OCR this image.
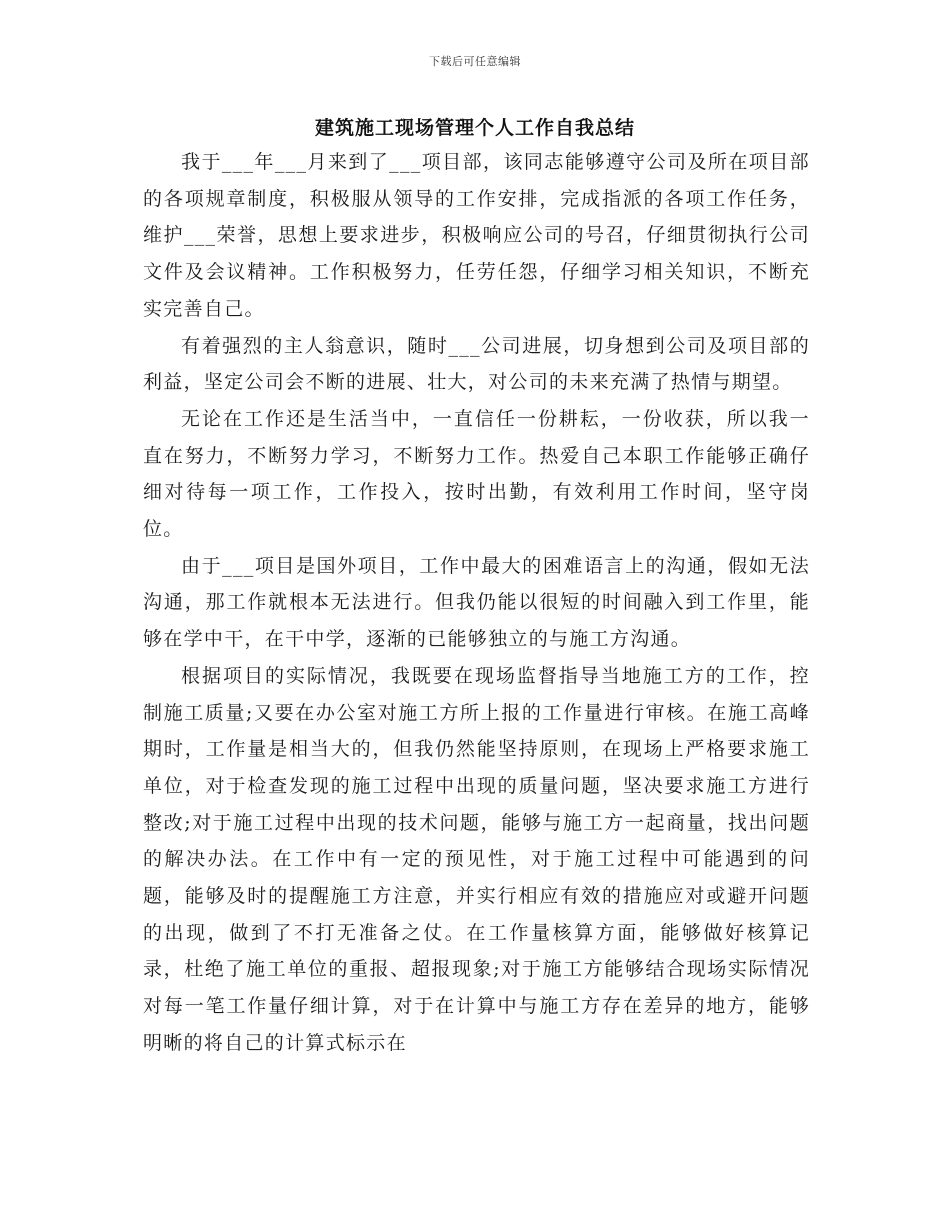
下载后可任意编辑
建筑施工现场管理个人工作自我总结

我于___年___月来到了___项目部，该同志能够遵守公司及所在项目部的各项规章制度，积极服从领导的工作安排，完成指派的各项工作任务，维护___荣誉，思想上要求进步，积极响应公司的号召，仔细贯彻执行公司文件及会议精神。工作积极努力，任劳任怨，仔细学习相关知识，不断充实完善自己。

有着强烈的主人翁意识，随时___公司进展，切身想到公司及项目部的利益，坚定公司会不断的进展、壮大，对公司的未来充满了热情与期望。

无论在工作还是生活当中，一直信任一份耕耘，一份收获，所以我一直在努力，不断努力学习，不断努力工作。热爱自己本职工作能够正确仔细对待每一项工作，工作投入，按时出勤，有效利用工作时间，坚守岗位。

由于___项目是国外项目，工作中最大的困难语言上的沟通，假如无法沟通，那工作就根本无法进行。但我仍能以很短的时间融入到工作里，能够在学中干，在干中学，逐渐的已能够独立的与施工方沟通。

根据项目的实际情况，我既要在现场监督指导当地施工方的工作，控制施工质量;又要在办公室对施工方所上报的工作量进行审核。在施工高峰期时，工作量是相当大的，但我仍然能坚持原则，在现场上严格要求施工单位，对于检查发现的施工过程中出现的质量问题，坚决要求施工方进行整改;对于施工过程中出现的技术问题，能够与施工方一起商量，找出问题的解决办法。在工作中有一定的预见性，对于施工过程中可能遇到的问题，能够及时的提醒施工方注意，并实行相应有效的措施应对或避开问题的出现，做到了不打无准备之仗。在工作量核算方面，能够做好核算记录，杜绝了施工单位的重报、超报现象;对于施工方能够结合现场实际情况对每一笔工作量仔细计算，对于在计算中与施工方存在差异的地方，能够明晰的将自己的计算式标示在
